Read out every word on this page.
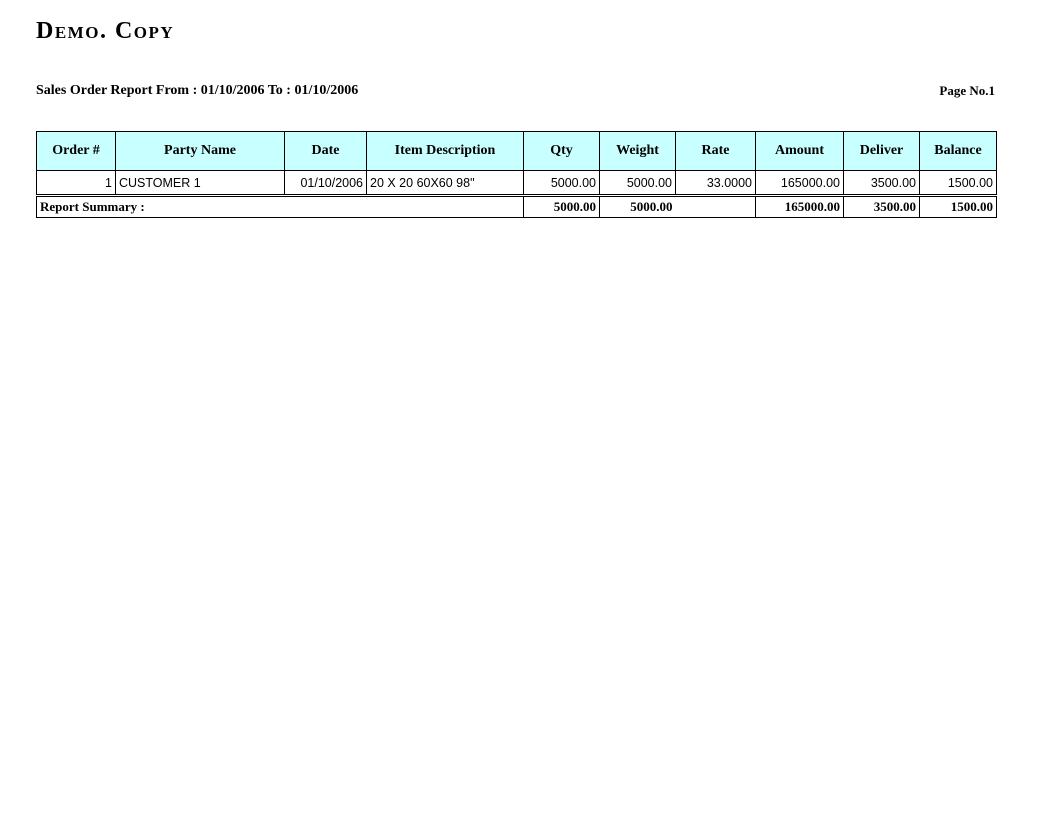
Demo. Copy
Sales Order Report From : 01/10/2006 To : 01/10/2006	Page No.1
Order #	Party Name	Date	Item Description	Qty	Weight	Rate	Amount	Deliver	Balance
1	CUSTOMER 1	01/10/2006	20 X 20 60X60 98"	5000.00	5000.00	33.0000	165000.00	3500.00	1500.00
Report Summary :				5000.00	5000.00		165000.00	3500.00	1500.00
